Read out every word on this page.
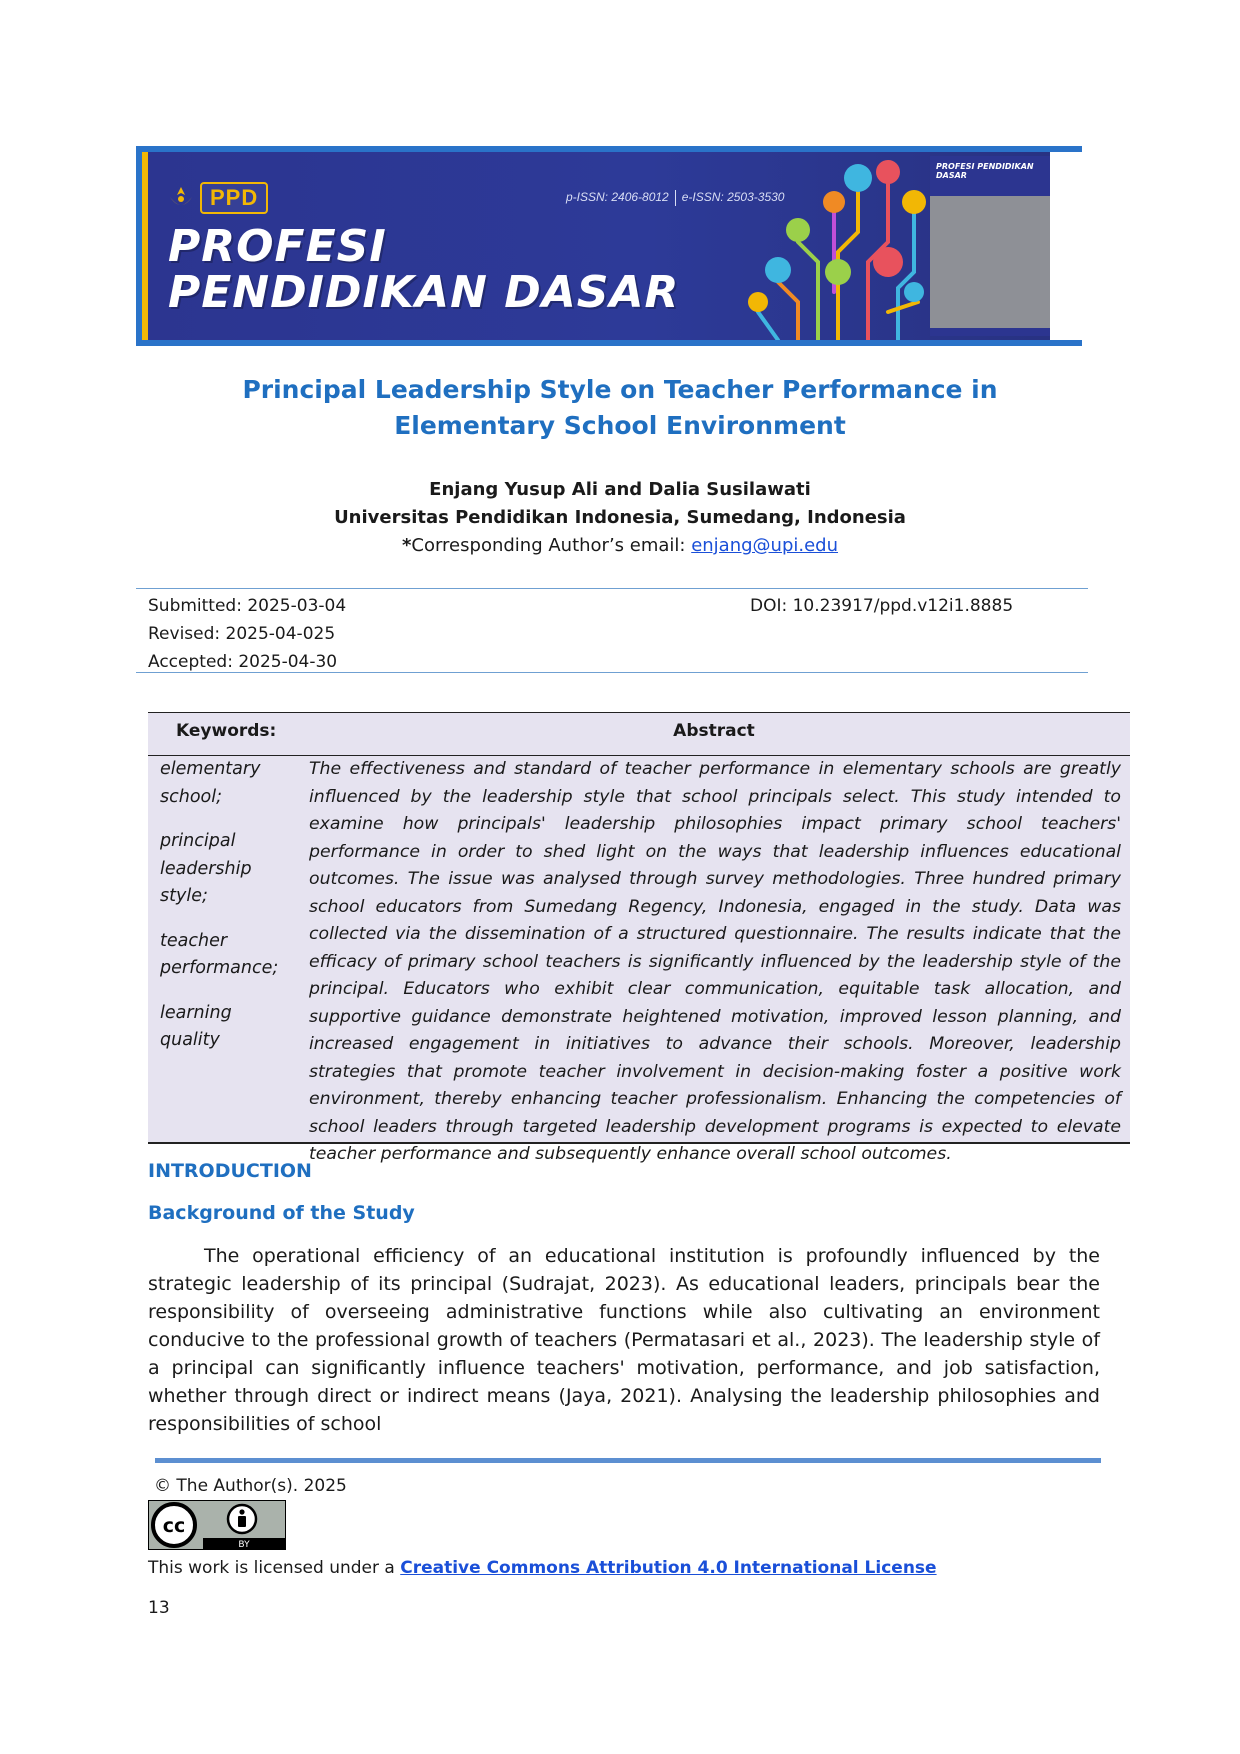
PPD	p-ISSN: 2406-8012 e-ISSN: 2503-3530
PROFESI
PENDIDIKAN DASAR
PROFESI PENDIDIKAN DASAR
Principal Leadership Style on Teacher Performance in Elementary School Environment
Enjang Yusup Ali and Dalia Susilawati
Universitas Pendidikan Indonesia, Sumedang, Indonesia
*Corresponding Author’s email: enjang@upi.edu
Submitted: 2025-03-04	DOI: 10.23917/ppd.v12i1.8885
Revised: 2025-04-025
Accepted: 2025-04-30
Keywords:	Abstract
elementary school;
principal leadership style;
teacher performance;
learning quality
The effectiveness and standard of teacher performance in elementary schools are greatly influenced by the leadership style that school principals select. This study intended to examine how principals' leadership philosophies impact primary school teachers' performance in order to shed light on the ways that leadership influences educational outcomes. The issue was analysed through survey methodologies. Three hundred primary school educators from Sumedang Regency, Indonesia, engaged in the study. Data was collected via the dissemination of a structured questionnaire. The results indicate that the efficacy of primary school teachers is significantly influenced by the leadership style of the principal. Educators who exhibit clear communication, equitable task allocation, and supportive guidance demonstrate heightened motivation, improved lesson planning, and increased engagement in initiatives to advance their schools. Moreover, leadership strategies that promote teacher involvement in decision-making foster a positive work environment, thereby enhancing teacher professionalism. Enhancing the competencies of school leaders through targeted leadership development programs is expected to elevate teacher performance and subsequently enhance overall school outcomes.
INTRODUCTION
Background of the Study
The operational efficiency of an educational institution is profoundly influenced by the strategic leadership of its principal (Sudrajat, 2023). As educational leaders, principals bear the responsibility of overseeing administrative functions while also cultivating an environment conducive to the professional growth of teachers (Permatasari et al., 2023). The leadership style of a principal can significantly influence teachers' motivation, performance, and job satisfaction, whether through direct or indirect means (Jaya, 2021). Analysing the leadership philosophies and responsibilities of school
© The Author(s). 2025
cc
BY
This work is licensed under a Creative Commons Attribution 4.0 International License
13
